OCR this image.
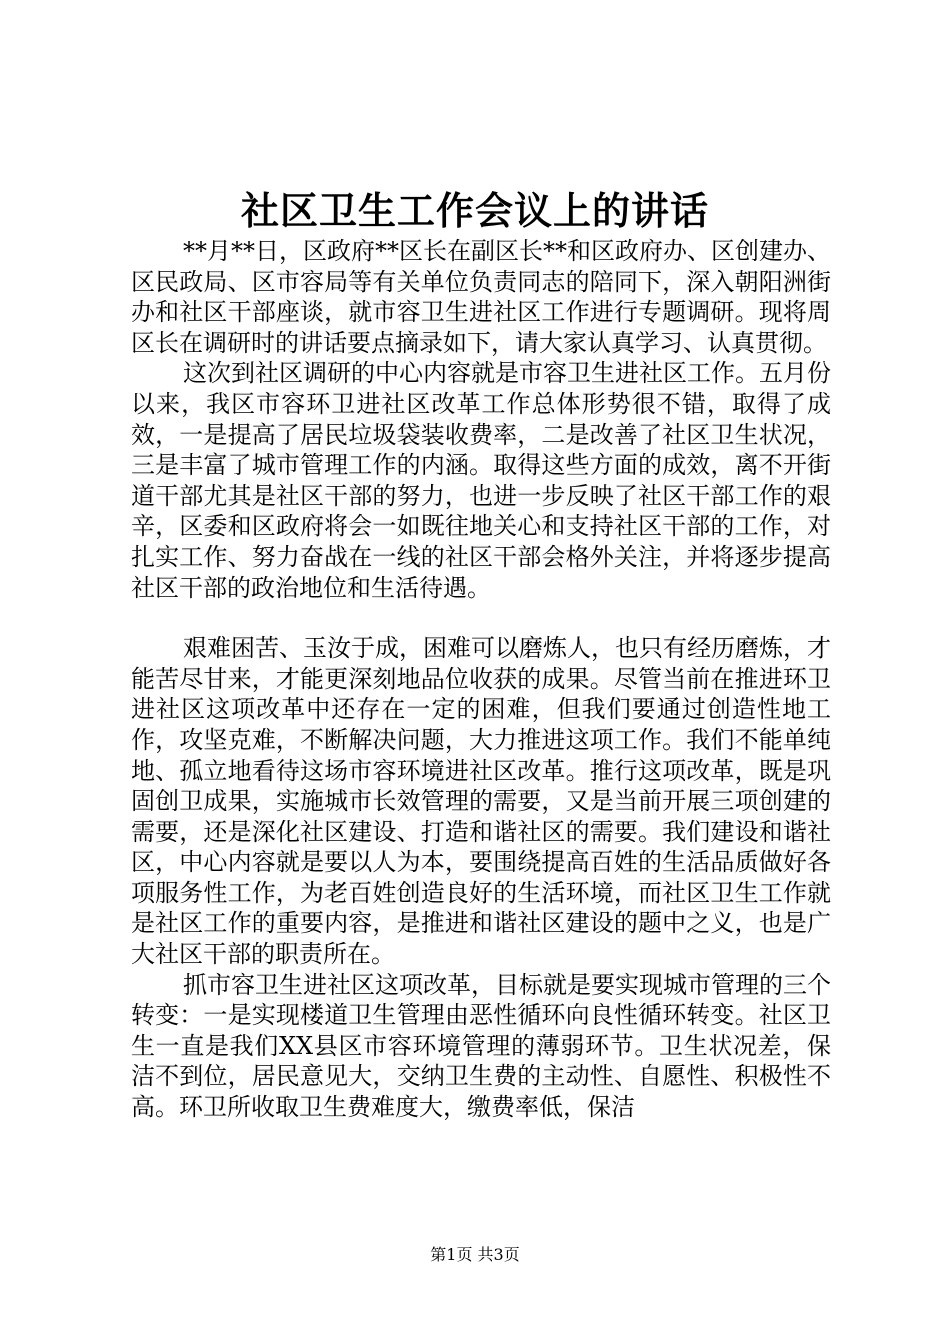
社区卫生工作会议上的讲话

**月**日，区政府**区长在副区长**和区政府办、区创建办、区民政局、区市容局等有关单位负责同志的陪同下，深入朝阳洲街办和社区干部座谈，就市容卫生进社区工作进行专题调研。现将周区长在调研时的讲话要点摘录如下，请大家认真学习、认真贯彻。

这次到社区调研的中心内容就是市容卫生进社区工作。五月份以来，我区市容环卫进社区改革工作总体形势很不错，取得了成效，一是提高了居民垃圾袋装收费率，二是改善了社区卫生状况，三是丰富了城市管理工作的内涵。取得这些方面的成效，离不开街道干部尤其是社区干部的努力，也进一步反映了社区干部工作的艰辛，区委和区政府将会一如既往地关心和支持社区干部的工作，对扎实工作、努力奋战在一线的社区干部会格外关注，并将逐步提高社区干部的政治地位和生活待遇。

艰难困苦、玉汝于成，困难可以磨炼人，也只有经历磨炼，才能苦尽甘来，才能更深刻地品位收获的成果。尽管当前在推进环卫进社区这项改革中还存在一定的困难，但我们要通过创造性地工作，攻坚克难，不断解决问题，大力推进这项工作。我们不能单纯地、孤立地看待这场市容环境进社区改革。推行这项改革，既是巩固创卫成果，实施城市长效管理的需要，又是当前开展三项创建的需要，还是深化社区建设、打造和谐社区的需要。我们建设和谐社区，中心内容就是要以人为本，要围绕提高百姓的生活品质做好各项服务性工作，为老百姓创造良好的生活环境，而社区卫生工作就是社区工作的重要内容，是推进和谐社区建设的题中之义，也是广大社区干部的职责所在。

抓市容卫生进社区这项改革，目标就是要实现城市管理的三个转变：一是实现楼道卫生管理由恶性循环向良性循环转变。社区卫生一直是我们XX县区市容环境管理的薄弱环节。卫生状况差，保洁不到位，居民意见大，交纳卫生费的主动性、自愿性、积极性不高。环卫所收取卫生费难度大，缴费率低，保洁

第1页 共3页
